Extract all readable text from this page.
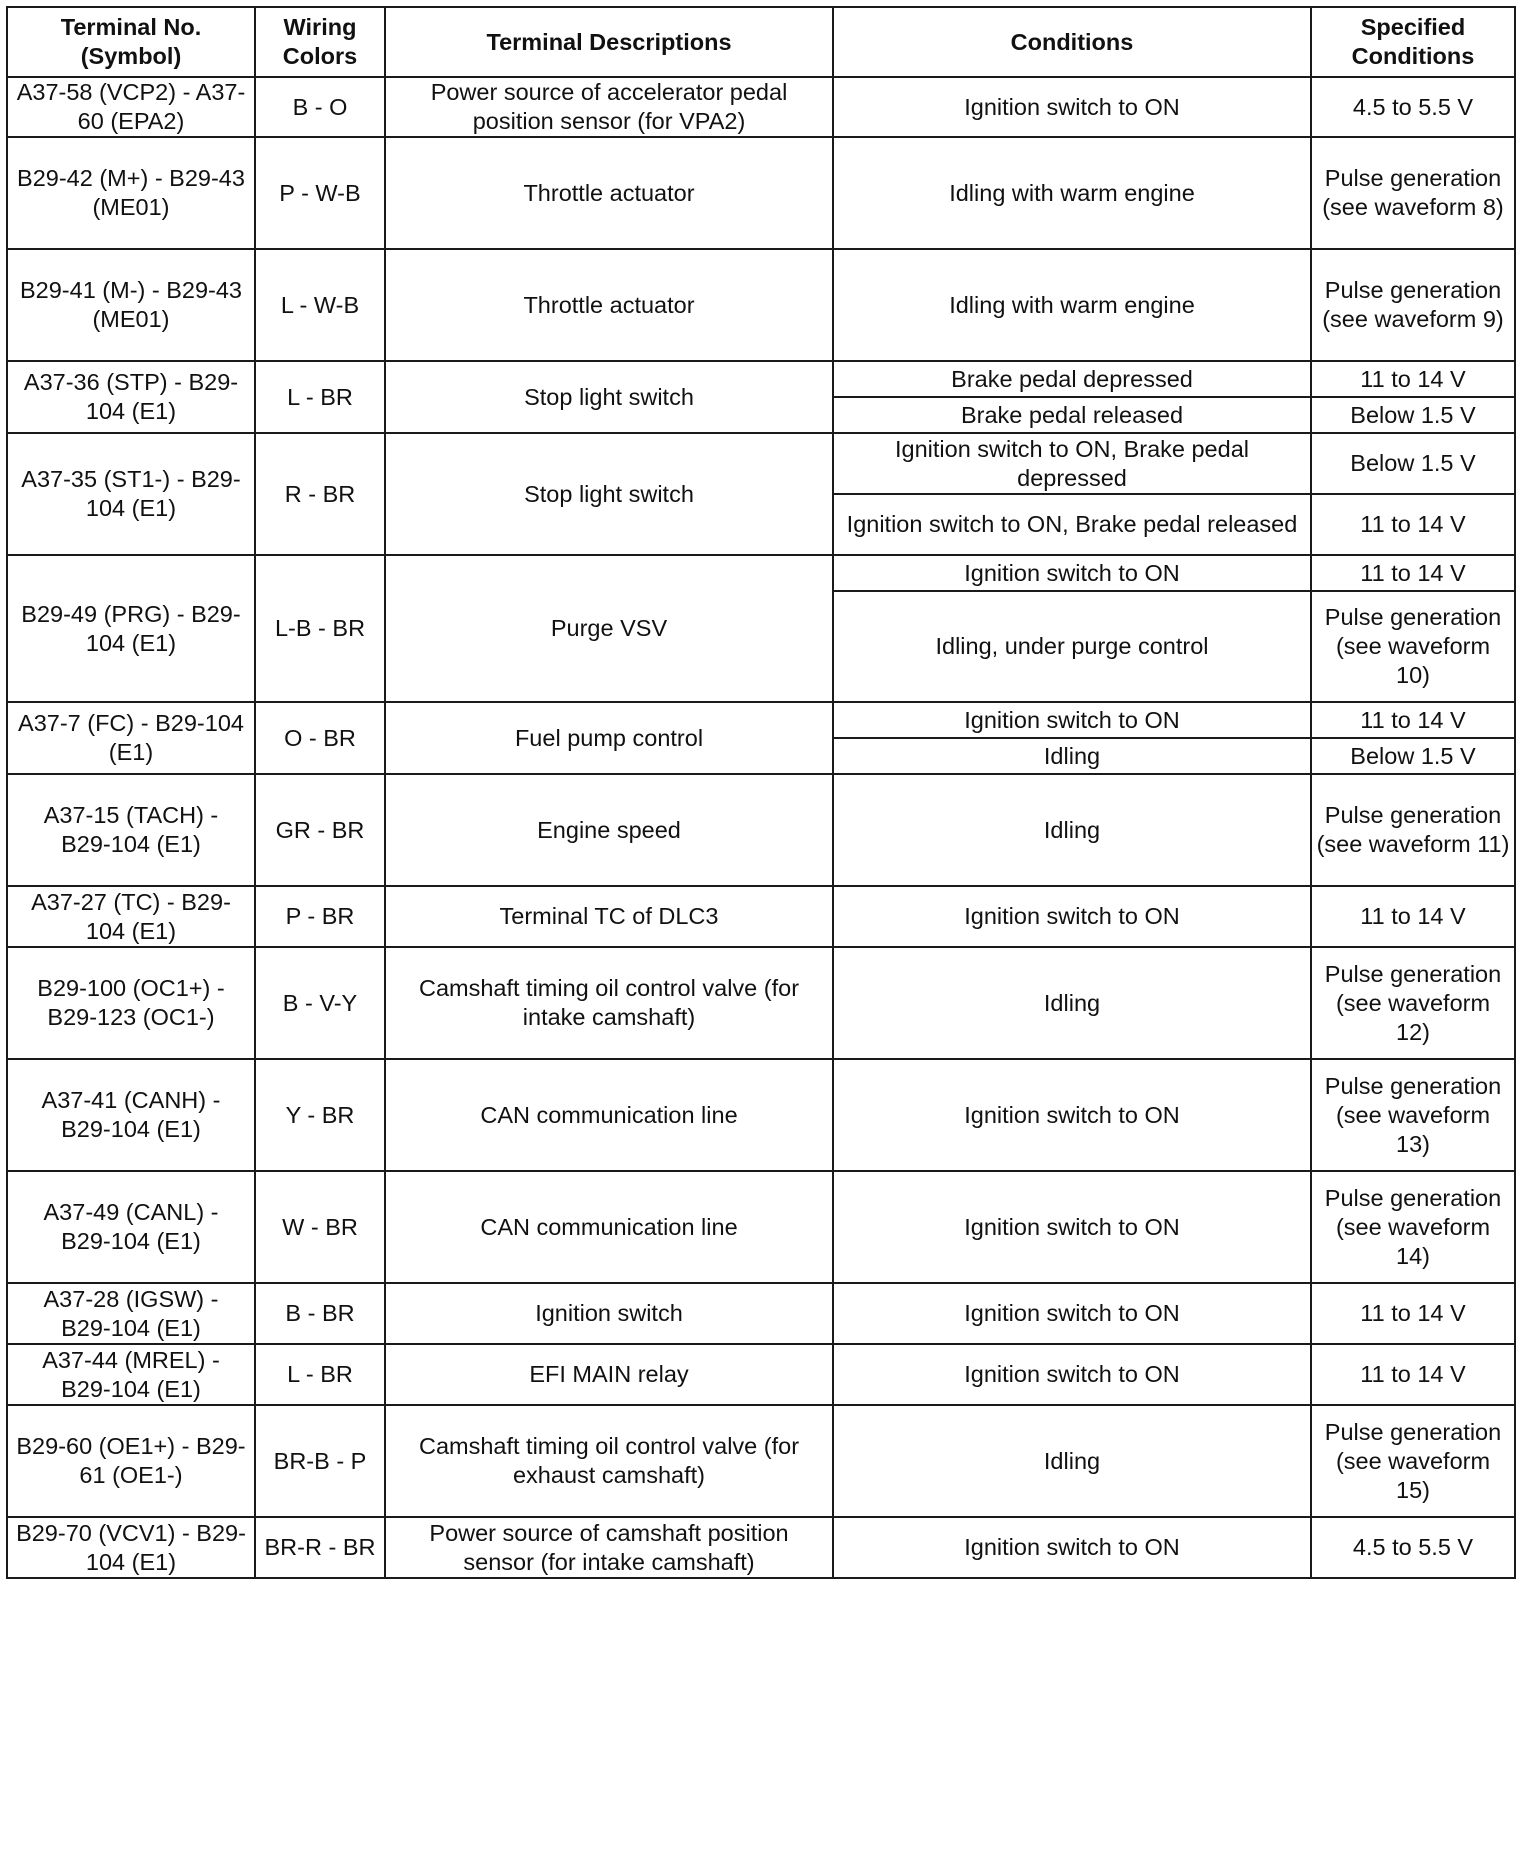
Terminal No. (Symbol)	Wiring Colors	Terminal Descriptions	Conditions	Specified Conditions
A37-58 (VCP2) - A37-60 (EPA2)	B - O	Power source of accelerator pedal position sensor (for VPA2)	Ignition switch to ON	4.5 to 5.5 V
B29-42 (M+) - B29-43 (ME01)	P - W-B	Throttle actuator	Idling with warm engine	Pulse generation (see waveform 8)
B29-41 (M-) - B29-43 (ME01)	L - W-B	Throttle actuator	Idling with warm engine	Pulse generation (see waveform 9)
A37-36 (STP) - B29-104 (E1)	L - BR	Stop light switch	Brake pedal depressed	11 to 14 V
			Brake pedal released	Below 1.5 V
A37-35 (ST1-) - B29-104 (E1)	R - BR	Stop light switch	Ignition switch to ON, Brake pedal depressed	Below 1.5 V
			Ignition switch to ON, Brake pedal released	11 to 14 V
B29-49 (PRG) - B29-104 (E1)	L-B - BR	Purge VSV	Ignition switch to ON	11 to 14 V
			Idling, under purge control	Pulse generation (see waveform 10)
A37-7 (FC) - B29-104 (E1)	O - BR	Fuel pump control	Ignition switch to ON	11 to 14 V
			Idling	Below 1.5 V
A37-15 (TACH) - B29-104 (E1)	GR - BR	Engine speed	Idling	Pulse generation (see waveform 11)
A37-27 (TC) - B29-104 (E1)	P - BR	Terminal TC of DLC3	Ignition switch to ON	11 to 14 V
B29-100 (OC1+) - B29-123 (OC1-)	B - V-Y	Camshaft timing oil control valve (for intake camshaft)	Idling	Pulse generation (see waveform 12)
A37-41 (CANH) - B29-104 (E1)	Y - BR	CAN communication line	Ignition switch to ON	Pulse generation (see waveform 13)
A37-49 (CANL) - B29-104 (E1)	W - BR	CAN communication line	Ignition switch to ON	Pulse generation (see waveform 14)
A37-28 (IGSW) - B29-104 (E1)	B - BR	Ignition switch	Ignition switch to ON	11 to 14 V
A37-44 (MREL) - B29-104 (E1)	L - BR	EFI MAIN relay	Ignition switch to ON	11 to 14 V
B29-60 (OE1+) - B29-61 (OE1-)	BR-B - P	Camshaft timing oil control valve (for exhaust camshaft)	Idling	Pulse generation (see waveform 15)
B29-70 (VCV1) - B29-104 (E1)	BR-R - BR	Power source of camshaft position sensor (for intake camshaft)	Ignition switch to ON	4.5 to 5.5 V
